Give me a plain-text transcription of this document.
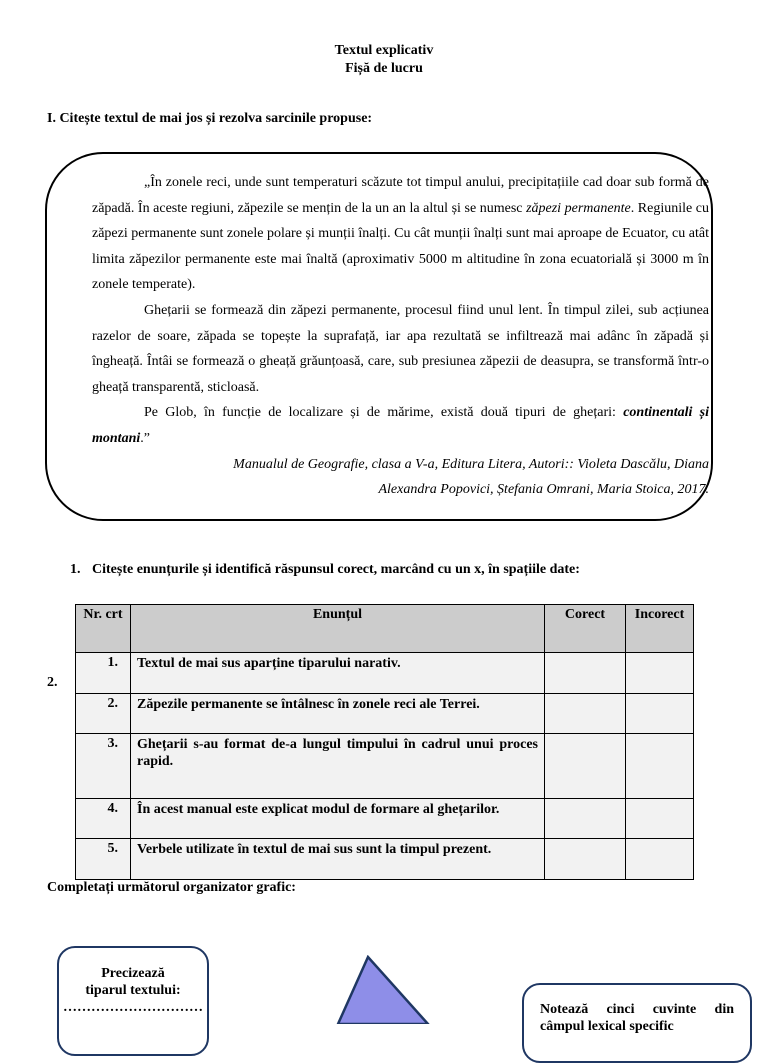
Textul explicativ
Fișă de lucru
I. Citește textul de mai jos și rezolva sarcinile propuse:

„În zonele reci, unde sunt temperaturi scăzute tot timpul anului, precipitațiile cad doar sub formă de zăpadă. În aceste regiuni, zăpezile se mențin de la un an la altul și se numesc zăpezi permanente. Regiunile cu zăpezi permanente sunt zonele polare și munții înalți. Cu cât munții înalți sunt mai aproape de Ecuator, cu atât limita zăpezilor permanente este mai înaltă (aproximativ 5000 m altitudine în zona ecuatorială și 3000 m în zonele temperate).

Ghețarii se formează din zăpezi permanente, procesul fiind unul lent. În timpul zilei, sub acțiunea razelor de soare, zăpada se topește la suprafață, iar apa rezultată se infiltrează mai adânc în zăpadă și îngheață. Întâi se formează o gheață grăunțoasă, care, sub presiunea zăpezii de deasupra, se transformă într-o gheață transparentă, sticloasă.

Pe Glob, în funcție de localizare și de mărime, există două tipuri de ghețari: continentali și montani.”

Manualul de Geografie, clasa a V-a, Editura Litera, Autori:: Violeta Dascălu, Diana

Alexandra Popovici, Ștefania Omrani, Maria Stoica, 2017.

1. Citește enunțurile și identifică răspunsul corect, marcând cu un x, în spațiile date:
2.
Nr. crt	Enunțul	Corect	Incorect
1.	Textul de mai sus aparține tiparului narativ.		
2.	Zăpezile permanente se întâlnesc în zonele reci ale Terrei.		
3.	Ghețarii s-au format de-a lungul timpului în cadrul unui proces rapid.		
4.	În acest manual este explicat modul de formare al ghețarilor.		
5.	Verbele utilizate în textul de mai sus sunt la timpul prezent.		
Completați următorul organizator grafic:
Precizează
tiparul textului:
…………………………	Notează cinci cuvinte din câmpul lexical specific
